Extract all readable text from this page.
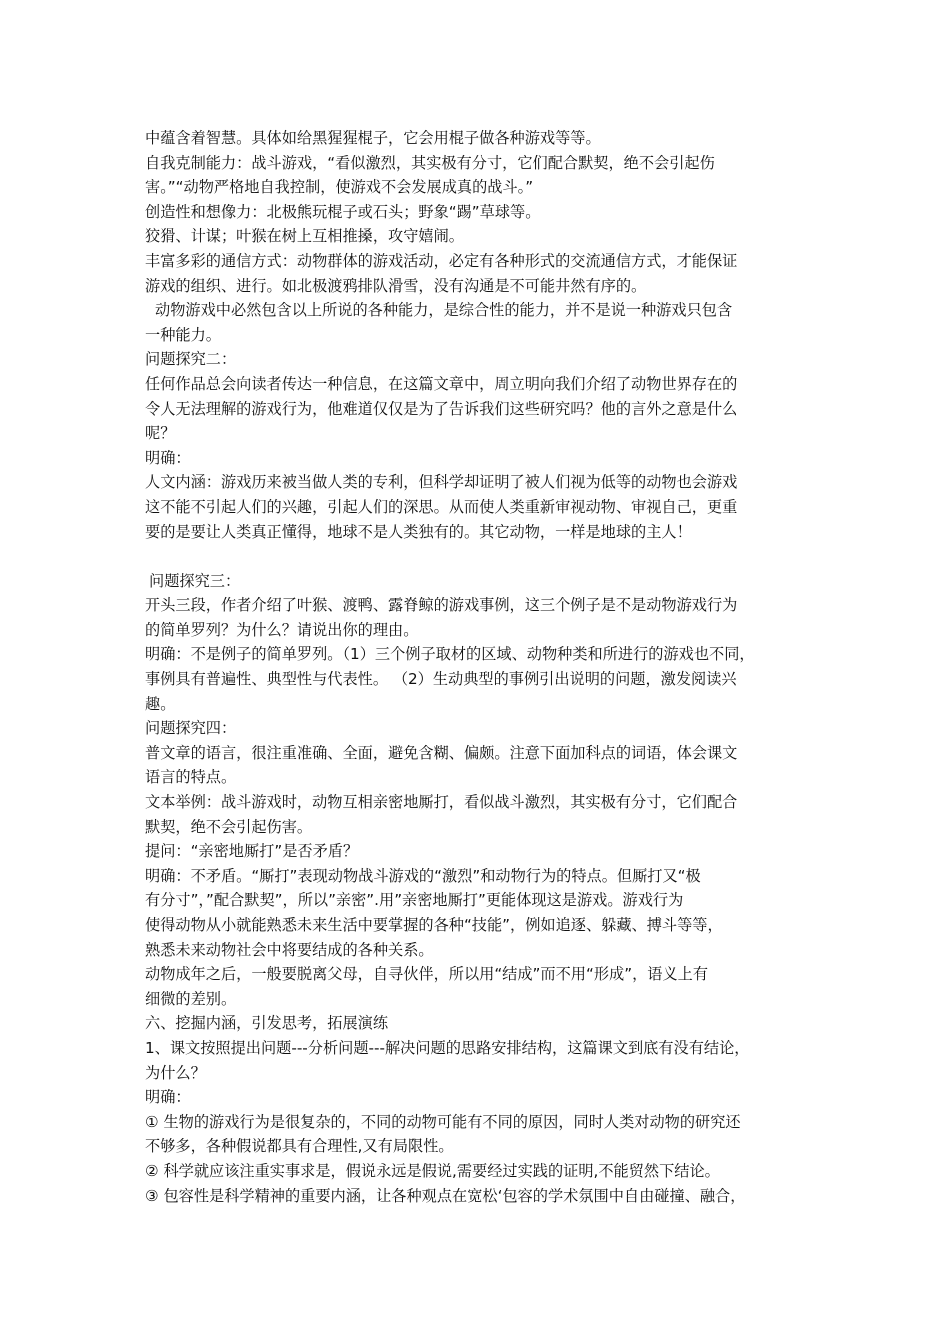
中蕴含着智慧。具体如给黑猩猩棍子，它会用棍子做各种游戏等等。
自我克制能力：战斗游戏，“看似激烈，其实极有分寸，它们配合默契，绝不会引起伤
害。”“动物严格地自我控制，使游戏不会发展成真的战斗。”
创造性和想像力：北极熊玩棍子或石头；野象“踢”草球等。
狡猾、计谋；叶猴在树上互相推搡，攻守嬉闹。
丰富多彩的通信方式：动物群体的游戏活动，必定有各种形式的交流通信方式，才能保证
游戏的组织、进行。如北极渡鸦排队滑雪，没有沟通是不可能井然有序的。
动物游戏中必然包含以上所说的各种能力，是综合性的能力，并不是说一种游戏只包含
一种能力。
问题探究二：
任何作品总会向读者传达一种信息，在这篇文章中，周立明向我们介绍了动物世界存在的
令人无法理解的游戏行为，他难道仅仅是为了告诉我们这些研究吗？他的言外之意是什么
呢？
明确：
人文内涵：游戏历来被当做人类的专利，但科学却证明了被人们视为低等的动物也会游戏
这不能不引起人们的兴趣，引起人们的深思。从而使人类重新审视动物、审视自己，更重
要的是要让人类真正懂得，地球不是人类独有的。其它动物，一样是地球的主人！
问题探究三：
开头三段，作者介绍了叶猴、渡鸭、露脊鲸的游戏事例，这三个例子是不是动物游戏行为
的简单罗列？为什么？请说出你的理由。
明确：不是例子的简单罗列。（1）三个例子取材的区域、动物种类和所进行的游戏也不同，
事例具有普遍性、典型性与代表性。 （2）生动典型的事例引出说明的问题，激发阅读兴
趣。
问题探究四：
普文章的语言，很注重准确、全面，避免含糊、偏颇。注意下面加科点的词语，体会课文
语言的特点。
文本举例：战斗游戏时，动物互相亲密地厮打，看似战斗激烈，其实极有分寸，它们配合
默契，绝不会引起伤害。
提问：“亲密地厮打”是否矛盾？
明确：不矛盾。“厮打”表现动物战斗游戏的“激烈”和动物行为的特点。但厮打又“极
有分寸”，”配合默契”，所以”亲密”.用”亲密地厮打”更能体现这是游戏。游戏行为
使得动物从小就能熟悉未来生活中要掌握的各种“技能”，例如追逐、躲藏、搏斗等等，
熟悉未来动物社会中将要结成的各种关系。
动物成年之后，一般要脱离父母，自寻伙伴，所以用“结成”而不用“形成”，语义上有
细微的差别。
六、挖掘内涵，引发思考，拓展演练
1、课文按照提出问题---分析问题---解决问题的思路安排结构，这篇课文到底有没有结论，
为什么？
明确：
① 生物的游戏行为是很复杂的，不同的动物可能有不同的原因，同时人类对动物的研究还
不够多，各种假说都具有合理性,又有局限性。
② 科学就应该注重实事求是，假说永远是假说,需要经过实践的证明,不能贸然下结论。
③ 包容性是科学精神的重要内涵，让各种观点在宽松‘包容的学术氛围中自由碰撞、融合，
